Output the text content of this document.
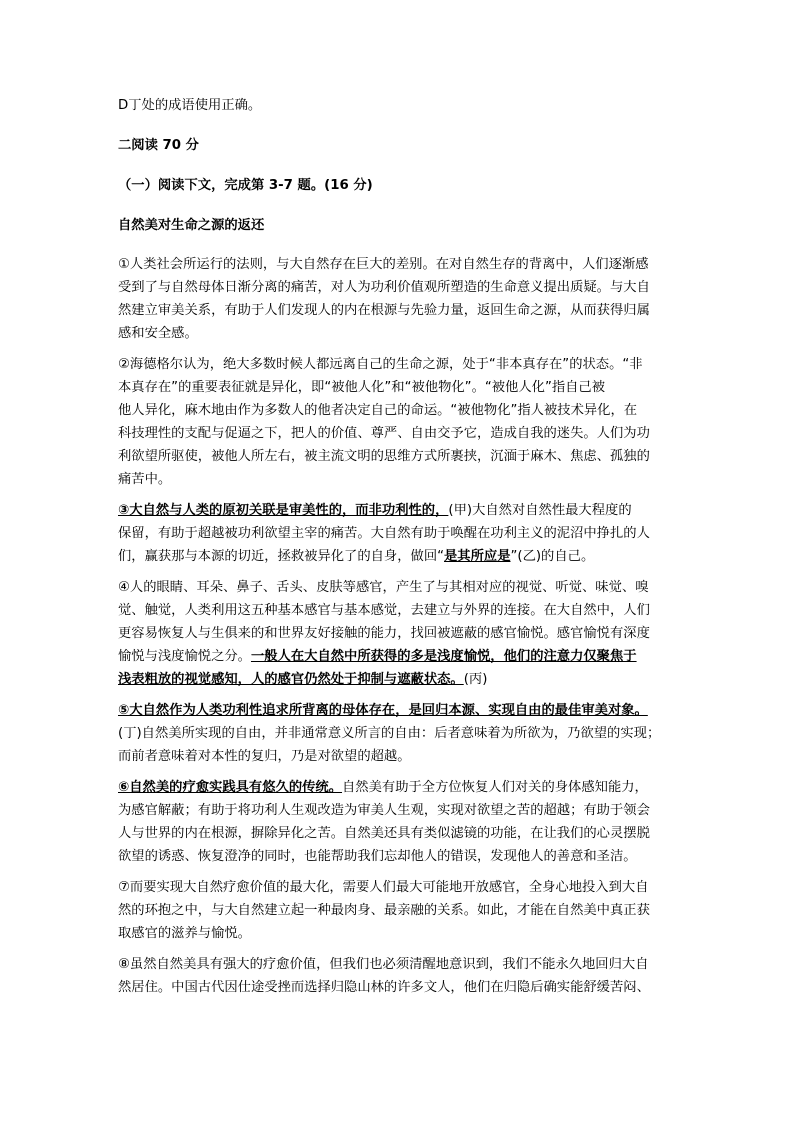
D丁处的成语使用正确。
二阅读 70 分
（一）阅读下文，完成第 3-7 题。(16 分)
自然美对生命之源的返还
①人类社会所运行的法则，与大自然存在巨大的差别。在对自然生存的背离中，人们逐渐感
受到了与自然母体日渐分离的痛苦，对人为功利价值观所塑造的生命意义提出质疑。与大自
然建立审美关系，有助于人们发现人的内在根源与先验力量，返回生命之源，从而获得归属
感和安全感。
②海德格尔认为，绝大多数时候人都远离自己的生命之源，处于“非本真存在”的状态。“非
本真存在”的重要表征就是异化，即“被他人化”和“被他物化”。“被他人化”指自己被
他人异化，麻木地由作为多数人的他者决定自己的命运。“被他物化”指人被技术异化，在
科技理性的支配与促逼之下，把人的价值、尊严、自由交予它，造成自我的迷失。人们为功
利欲望所驱使，被他人所左右，被主流文明的思维方式所裹挟，沉湎于麻木、焦虑、孤独的
痛苦中。
③大自然与人类的原初关联是审美性的，而非功利性的，(甲)大自然对自然性最大程度的
保留，有助于超越被功利欲望主宰的痛苦。大自然有助于唤醒在功利主义的泥沼中挣扎的人
们，赢获那与本源的切近，拯救被异化了的自身，做回“是其所应是”(乙)的自己。
④人的眼睛、耳朵、鼻子、舌头、皮肤等感官，产生了与其相对应的视觉、听觉、味觉、嗅
觉、触觉，人类利用这五种基本感官与基本感觉，去建立与外界的连接。在大自然中，人们
更容易恢复人与生俱来的和世界友好接触的能力，找回被遮蔽的感官愉悦。感官愉悦有深度
愉悦与浅度愉悦之分。一般人在大自然中所获得的多是浅度愉悦，他们的注意力仅聚焦于
浅表粗放的视觉感知，人的感官仍然处于抑制与遮蔽状态。(丙)
⑤大自然作为人类功利性追求所背离的母体存在，是回归本源、实现自由的最佳审美对象。
(丁)自然美所实现的自由，并非通常意义所言的自由：后者意味着为所欲为，乃欲望的实现；
而前者意味着对本性的复归，乃是对欲望的超越。
⑥自然美的疗愈实践具有悠久的传统。自然美有助于全方位恢复人们对关的身体感知能力，
为感官解蔽；有助于将功利人生观改造为审美人生观，实现对欲望之苦的超越；有助于领会
人与世界的内在根源，摒除异化之苦。自然美还具有类似滤镜的功能，在让我们的心灵摆脱
欲望的诱惑、恢复澄净的同时，也能帮助我们忘却他人的错误，发现他人的善意和圣洁。
⑦而要实现大自然疗愈价值的最大化，需要人们最大可能地开放感官，全身心地投入到大自
然的环抱之中，与大自然建立起一种最肉身、最亲融的关系。如此，才能在自然美中真正获
取感官的滋养与愉悦。
⑧虽然自然美具有强大的疗愈价值，但我们也必须清醒地意识到，我们不能永久地回归大自
然居住。中国古代因仕途受挫而选择归隐山林的许多文人，他们在归隐后确实能舒缓苦闷、
